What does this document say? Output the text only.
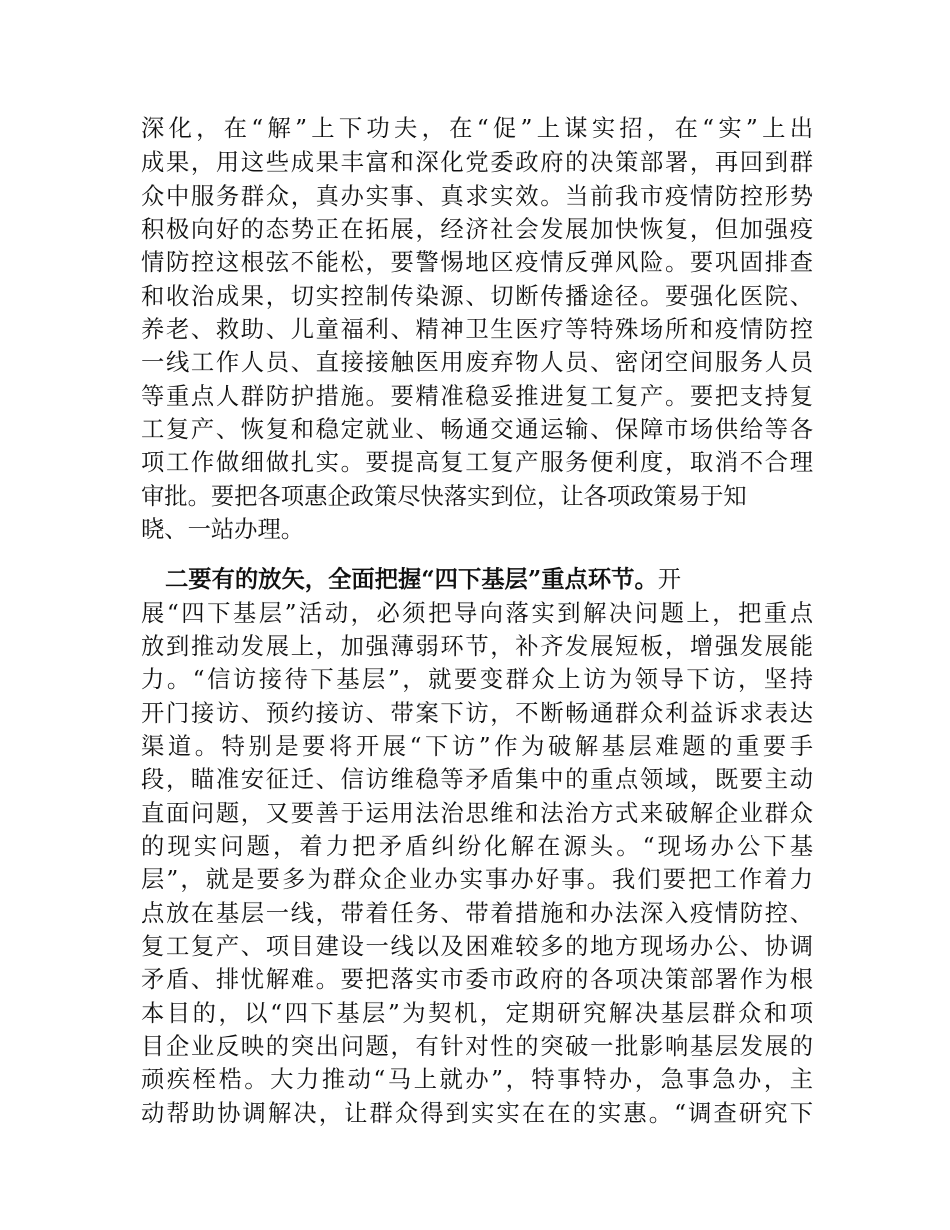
深化，在“解”上下功夫，在“促”上谋实招，在“实”上出
成果，用这些成果丰富和深化党委政府的决策部署，再回到群
众中服务群众，真办实事、真求实效。当前我市疫情防控形势
积极向好的态势正在拓展，经济社会发展加快恢复，但加强疫
情防控这根弦不能松，要警惕地区疫情反弹风险。要巩固排查
和收治成果，切实控制传染源、切断传播途径。要强化医院、
养老、救助、儿童福利、精神卫生医疗等特殊场所和疫情防控
一线工作人员、直接接触医用废弃物人员、密闭空间服务人员
等重点人群防护措施。要精准稳妥推进复工复产。要把支持复
工复产、恢复和稳定就业、畅通交通运输、保障市场供给等各
项工作做细做扎实。要提高复工复产服务便利度，取消不合理
审批。要把各项惠企政策尽快落实到位，让各项政策易于知
晓、一站办理。
二要有的放矢，全面把握“四下基层”重点环节。开
展“四下基层”活动，必须把导向落实到解决问题上，把重点
放到推动发展上，加强薄弱环节，补齐发展短板，增强发展能
力。“信访接待下基层”，就要变群众上访为领导下访，坚持
开门接访、预约接访、带案下访，不断畅通群众利益诉求表达
渠道。特别是要将开展“下访”作为破解基层难题的重要手
段，瞄准安征迁、信访维稳等矛盾集中的重点领域，既要主动
直面问题，又要善于运用法治思维和法治方式来破解企业群众
的现实问题，着力把矛盾纠纷化解在源头。“现场办公下基
层”，就是要多为群众企业办实事办好事。我们要把工作着力
点放在基层一线，带着任务、带着措施和办法深入疫情防控、
复工复产、项目建设一线以及困难较多的地方现场办公、协调
矛盾、排忧解难。要把落实市委市政府的各项决策部署作为根
本目的，以“四下基层”为契机，定期研究解决基层群众和项
目企业反映的突出问题，有针对性的突破一批影响基层发展的
顽疾桎梏。大力推动“马上就办”，特事特办，急事急办，主
动帮助协调解决，让群众得到实实在在的实惠。“调查研究下
